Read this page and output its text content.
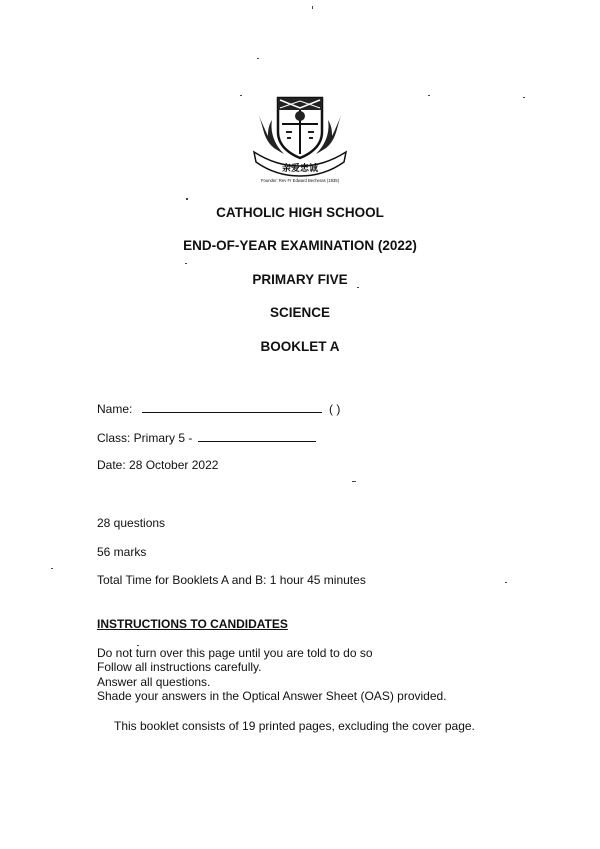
亲爱忠诚
Founder: Rev Fr Edward Becheras (1935)
CATHOLIC HIGH SCHOOL
END-OF-YEAR EXAMINATION (2022)
PRIMARY FIVE
SCIENCE
BOOKLET A
Name:	( )
Class: Primary 5 -
Date: 28 October 2022
28 questions
56 marks
Total Time for Booklets A and B: 1 hour 45 minutes
INSTRUCTIONS TO CANDIDATES
Do not turn over this page until you are told to do so
Follow all instructions carefully.
Answer all questions.
Shade your answers in the Optical Answer Sheet (OAS) provided.
This booklet consists of 19 printed pages, excluding the cover page.
